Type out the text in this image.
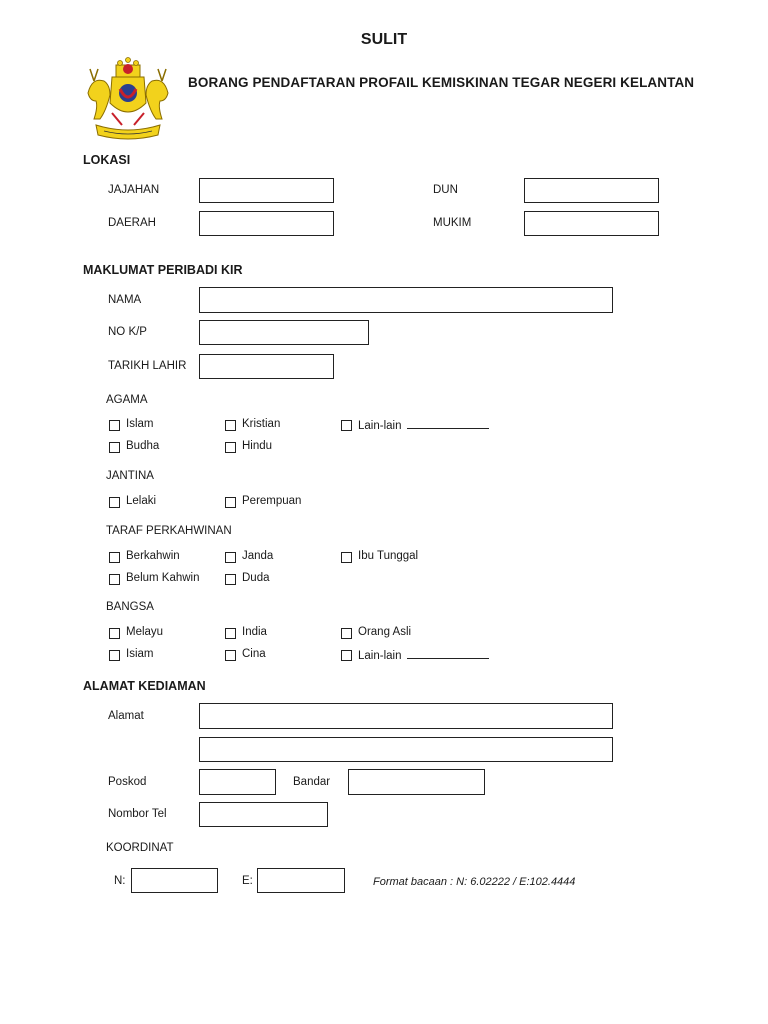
SULIT
BORANG PENDAFTARAN PROFAIL KEMISKINAN TEGAR NEGERI KELANTAN
LOKASI
JAJAHAN	DUN
DAERAH	MUKIM
MAKLUMAT PERIBADI KIR
NAMA
NO K/P
TARIKH LAHIR
AGAMA
Islam	Kristian	Lain-lain
Budha	Hindu
JANTINA
Lelaki	Perempuan
TARAF PERKAHWINAN
Berkahwin	Janda	Ibu Tunggal
Belum Kahwin	Duda
BANGSA
Melayu	India	Orang Asli
Isiam	Cina	Lain-lain
ALAMAT KEDIAMAN
Alamat
Poskod	Bandar
Nombor Tel
KOORDINAT
N:	E:	Format bacaan : N: 6.02222 / E:102.4444
